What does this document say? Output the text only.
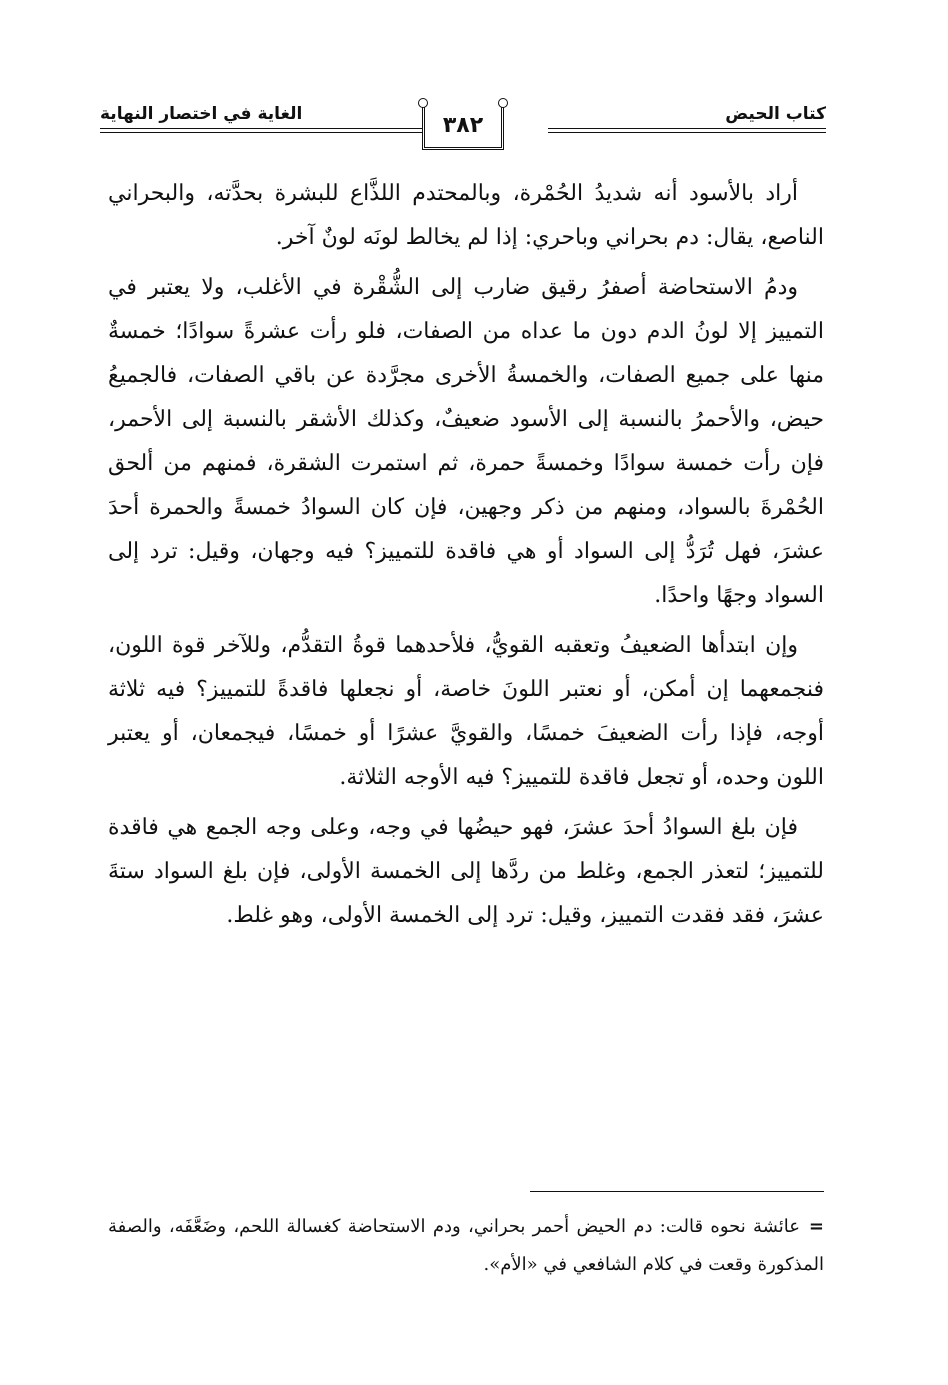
كتاب الحيض
٣٨٢
الغاية في اختصار النهاية

أراد بالأسود أنه شديدُ الحُمْرة، وبالمحتدم اللذَّاع للبشرة بحدَّته، والبحراني الناصع، يقال: دم بحراني وباحري: إذا لم يخالط لونَه لونٌ آخر.

ودمُ الاستحاضة أصفرُ رقيق ضارب إلى الشُّقْرة في الأغلب، ولا يعتبر في التمييز إلا لونُ الدم دون ما عداه من الصفات، فلو رأت عشرةً سوادًا؛ خمسةٌ منها على جميع الصفات، والخمسةُ الأخرى مجرَّدة عن باقي الصفات، فالجميعُ حيض، والأحمرُ بالنسبة إلى الأسود ضعيفٌ، وكذلك الأشقر بالنسبة إلى الأحمر، فإن رأت خمسة سوادًا وخمسةً حمرة، ثم استمرت الشقرة، فمنهم من ألحق الحُمْرةَ بالسواد، ومنهم من ذكر وجهين، فإن كان السوادُ خمسةً والحمرة أحدَ عشرَ، فهل تُرَدُّ إلى السواد أو هي فاقدة للتمييز؟ فيه وجهان، وقيل: ترد إلى السواد وجهًا واحدًا.

وإن ابتدأها الضعيفُ وتعقبه القويُّ، فلأحدهما قوةُ التقدُّم، وللآخر قوة اللون، فنجمعهما إن أمكن، أو نعتبر اللونَ خاصة، أو نجعلها فاقدةً للتمييز؟ فيه ثلاثة أوجه، فإذا رأت الضعيفَ خمسًا، والقويَّ عشرًا أو خمسًا، فيجمعان، أو يعتبر اللون وحده، أو تجعل فاقدة للتمييز؟ فيه الأوجه الثلاثة.

فإن بلغ السوادُ أحدَ عشرَ، فهو حيضُها في وجه، وعلى وجه الجمع هي فاقدة للتمييز؛ لتعذر الجمع، وغلط من ردَّها إلى الخمسة الأولى، فإن بلغ السواد ستةَ عشرَ، فقد فقدت التمييز، وقيل: ترد إلى الخمسة الأولى، وهو غلط.

=عائشة نحوه قالت: دم الحيض أحمر بحراني، ودم الاستحاضة كغسالة اللحم، وضَعَّفَه، والصفة المذكورة وقعت في كلام الشافعي في «الأم».
